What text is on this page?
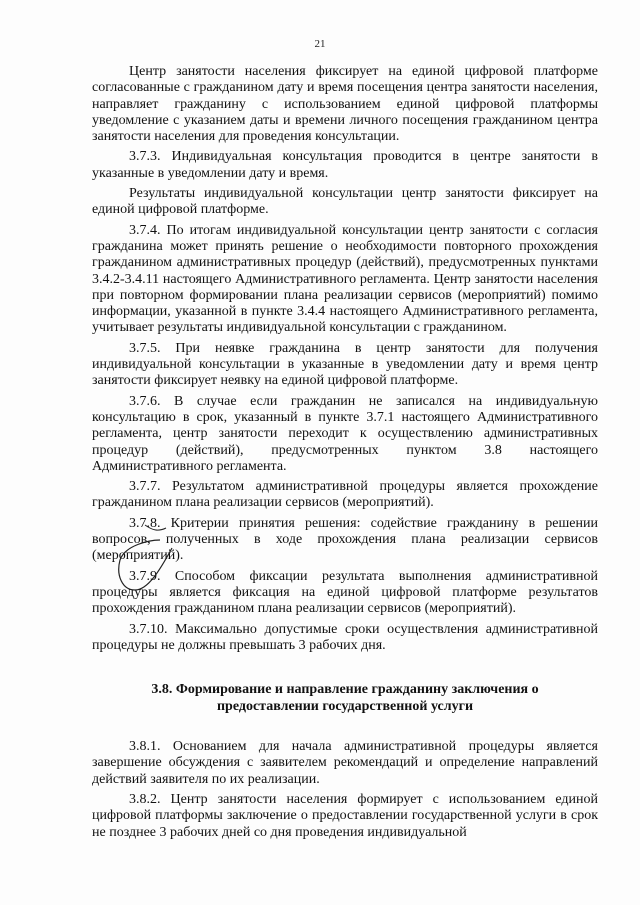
21

Центр занятости населения фиксирует на единой цифровой платформе согласованные с гражданином дату и время посещения центра занятости населения, направляет гражданину с использованием единой цифровой платформы уведомление с указанием даты и времени личного посещения гражданином центра занятости населения для проведения консультации.

3.7.3. Индивидуальная консультация проводится в центре занятости в указанные в уведомлении дату и время.

Результаты индивидуальной консультации центр занятости фиксирует на единой цифровой платформе.

3.7.4. По итогам индивидуальной консультации центр занятости с согласия гражданина может принять решение о необходимости повторного прохождения гражданином административных процедур (действий), предусмотренных пунктами 3.4.2-3.4.11 настоящего Административного регламента. Центр занятости населения при повторном формировании плана реализации сервисов (мероприятий) помимо информации, указанной в пункте 3.4.4 настоящего Административного регламента, учитывает результаты индивидуальной консультации с гражданином.

3.7.5. При неявке гражданина в центр занятости для получения индивидуальной консультации в указанные в уведомлении дату и время центр занятости фиксирует неявку на единой цифровой платформе.

3.7.6. В случае если гражданин не записался на индивидуальную консультацию в срок, указанный в пункте 3.7.1 настоящего Административного регламента, центр занятости переходит к осуществлению административных процедур (действий), предусмотренных пунктом 3.8 настоящего Административного регламента.

3.7.7. Результатом административной процедуры является прохождение гражданином плана реализации сервисов (мероприятий).

3.7.8. Критерии принятия решения: содействие гражданину в решении вопросов, полученных в ходе прохождения плана реализации сервисов (мероприятий).

3.7.9. Способом фиксации результата выполнения административной процедуры является фиксация на единой цифровой платформе результатов прохождения гражданином плана реализации сервисов (мероприятий).

3.7.10. Максимально допустимые сроки осуществления административной процедуры не должны превышать 3 рабочих дня.

3.8. Формирование и направление гражданину заключения о предоставлении государственной услуги

3.8.1. Основанием для начала административной процедуры является завершение обсуждения с заявителем рекомендаций и определение направлений действий заявителя по их реализации.

3.8.2. Центр занятости населения формирует с использованием единой цифровой платформы заключение о предоставлении государственной услуги в срок не позднее 3 рабочих дней со дня проведения индивидуальной
